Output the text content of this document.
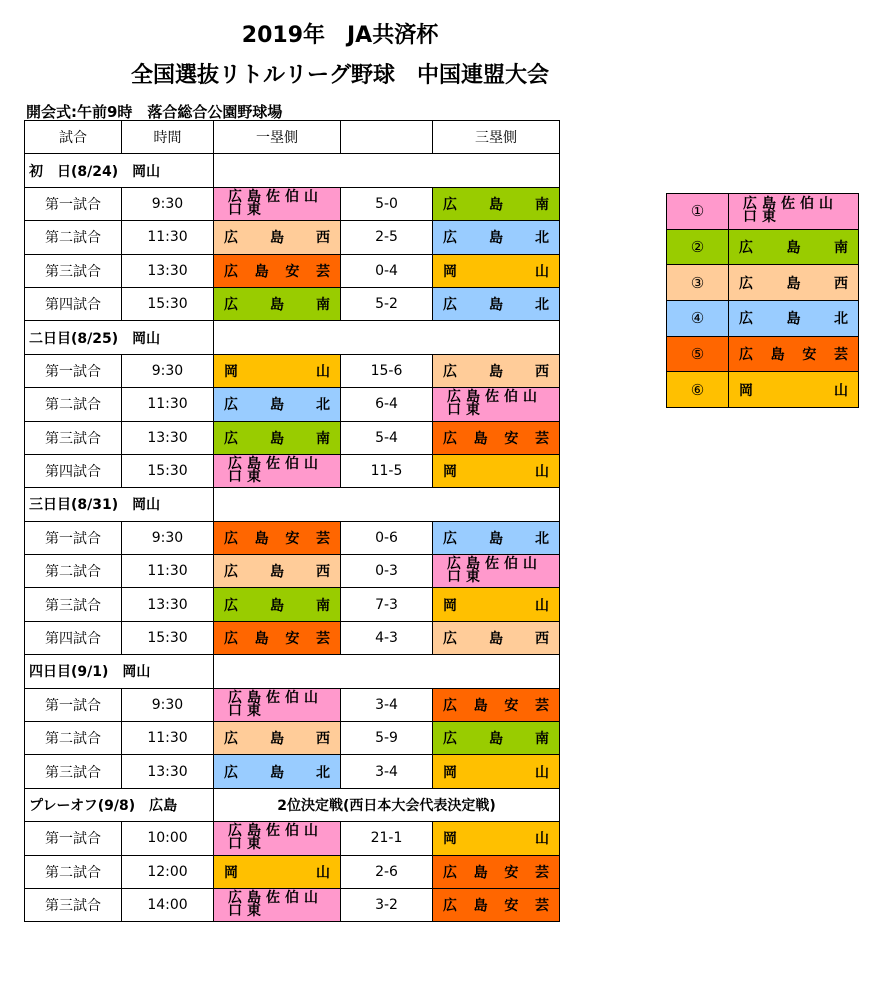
2019年　JA共済杯
全国選抜リトルリーグ野球　中国連盟大会
開会式:午前9時　落合総合公園野球場
試合	時間	一塁側		三塁側
初　日(8/24)　岡山				
第一試合	9:30	広島佐伯山口東	5-0	広島南
第二試合	11:30	広島西	2-5	広島北
第三試合	13:30	広島安芸	0-4	岡山
第四試合	15:30	広島南	5-2	広島北
二日目(8/25)　岡山				
第一試合	9:30	岡山	15-6	広島西
第二試合	11:30	広島北	6-4	広島佐伯山口東
第三試合	13:30	広島南	5-4	広島安芸
第四試合	15:30	広島佐伯山口東	11-5	岡山
三日目(8/31)　岡山				
第一試合	9:30	広島安芸	0-6	広島北
第二試合	11:30	広島西	0-3	広島佐伯山口東
第三試合	13:30	広島南	7-3	岡山
第四試合	15:30	広島安芸	4-3	広島西
四日目(9/1)　岡山				
第一試合	9:30	広島佐伯山口東	3-4	広島安芸
第二試合	11:30	広島西	5-9	広島南
第三試合	13:30	広島北	3-4	岡山
プレーオフ(9/8)　広島		2位決定戦(西日本大会代表決定戦)		
第一試合	10:00	広島佐伯山口東	21-1	岡山
第二試合	12:00	岡山	2-6	広島安芸
第三試合	14:00	広島佐伯山口東	3-2	広島安芸
①	広島佐伯山口東
②	広島南
③	広島西
④	広島北
⑤	広島安芸
⑥	岡山
